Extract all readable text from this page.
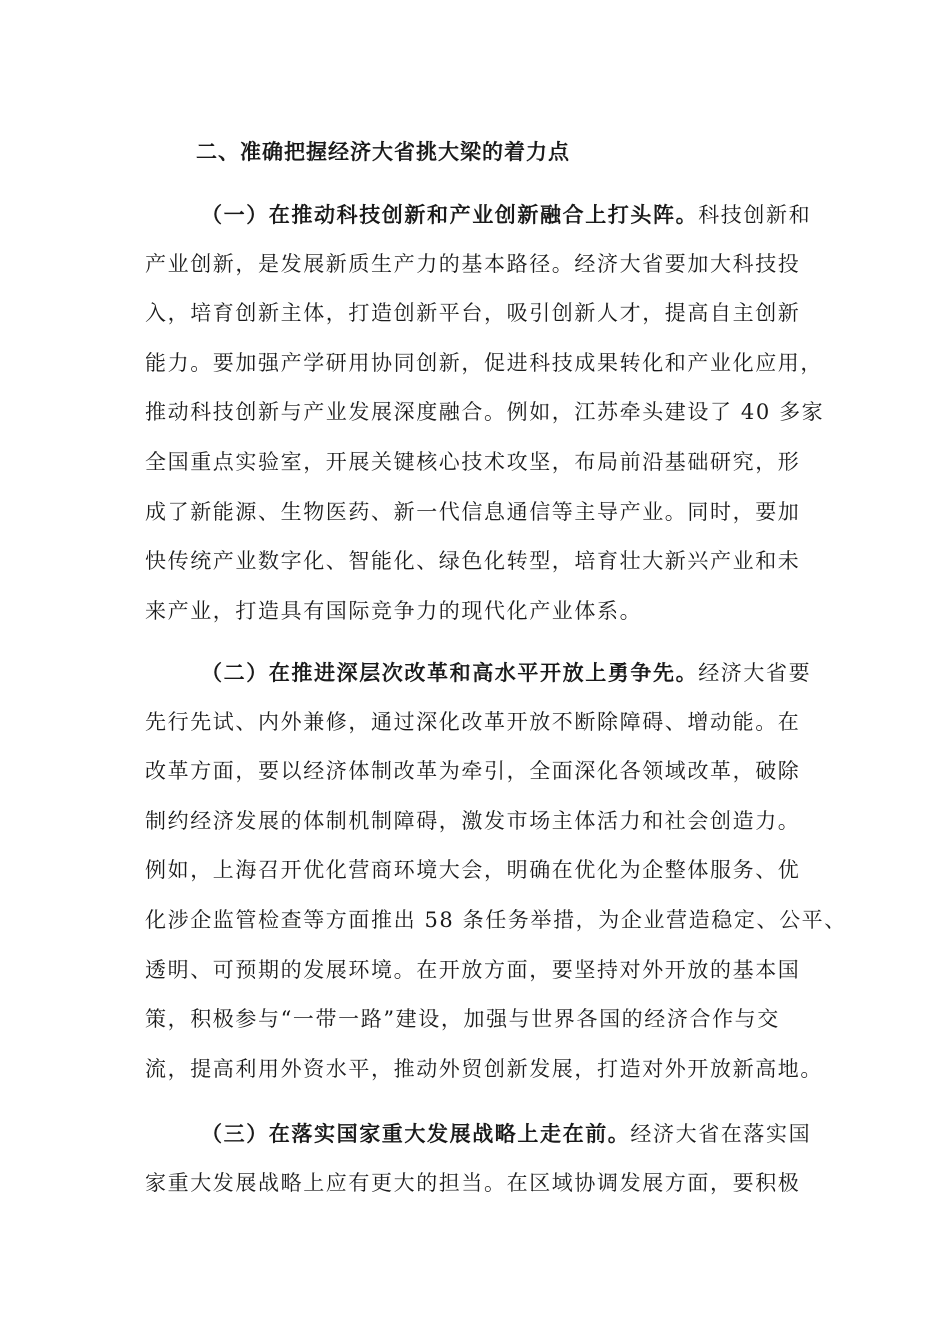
二、准确把握经济大省挑大梁的着力点
（一）在推动科技创新和产业创新融合上打头阵。科技创新和
产业创新，是发展新质生产力的基本路径。经济大省要加大科技投
入，培育创新主体，打造创新平台，吸引创新人才，提高自主创新
能力。要加强产学研用协同创新，促进科技成果转化和产业化应用，
推动科技创新与产业发展深度融合。例如，江苏牵头建设了 40 多家
全国重点实验室，开展关键核心技术攻坚，布局前沿基础研究，形
成了新能源、生物医药、新一代信息通信等主导产业。同时，要加
快传统产业数字化、智能化、绿色化转型，培育壮大新兴产业和未
来产业，打造具有国际竞争力的现代化产业体系。
（二）在推进深层次改革和高水平开放上勇争先。经济大省要
先行先试、内外兼修，通过深化改革开放不断除障碍、增动能。在
改革方面，要以经济体制改革为牵引，全面深化各领域改革，破除
制约经济发展的体制机制障碍，激发市场主体活力和社会创造力。
例如，上海召开优化营商环境大会，明确在优化为企整体服务、优
化涉企监管检查等方面推出 58 条任务举措，为企业营造稳定、公平、
透明、可预期的发展环境。在开放方面，要坚持对外开放的基本国
策，积极参与“一带一路”建设，加强与世界各国的经济合作与交
流，提高利用外资水平，推动外贸创新发展，打造对外开放新高地。
（三）在落实国家重大发展战略上走在前。经济大省在落实国
家重大发展战略上应有更大的担当。在区域协调发展方面，要积极
